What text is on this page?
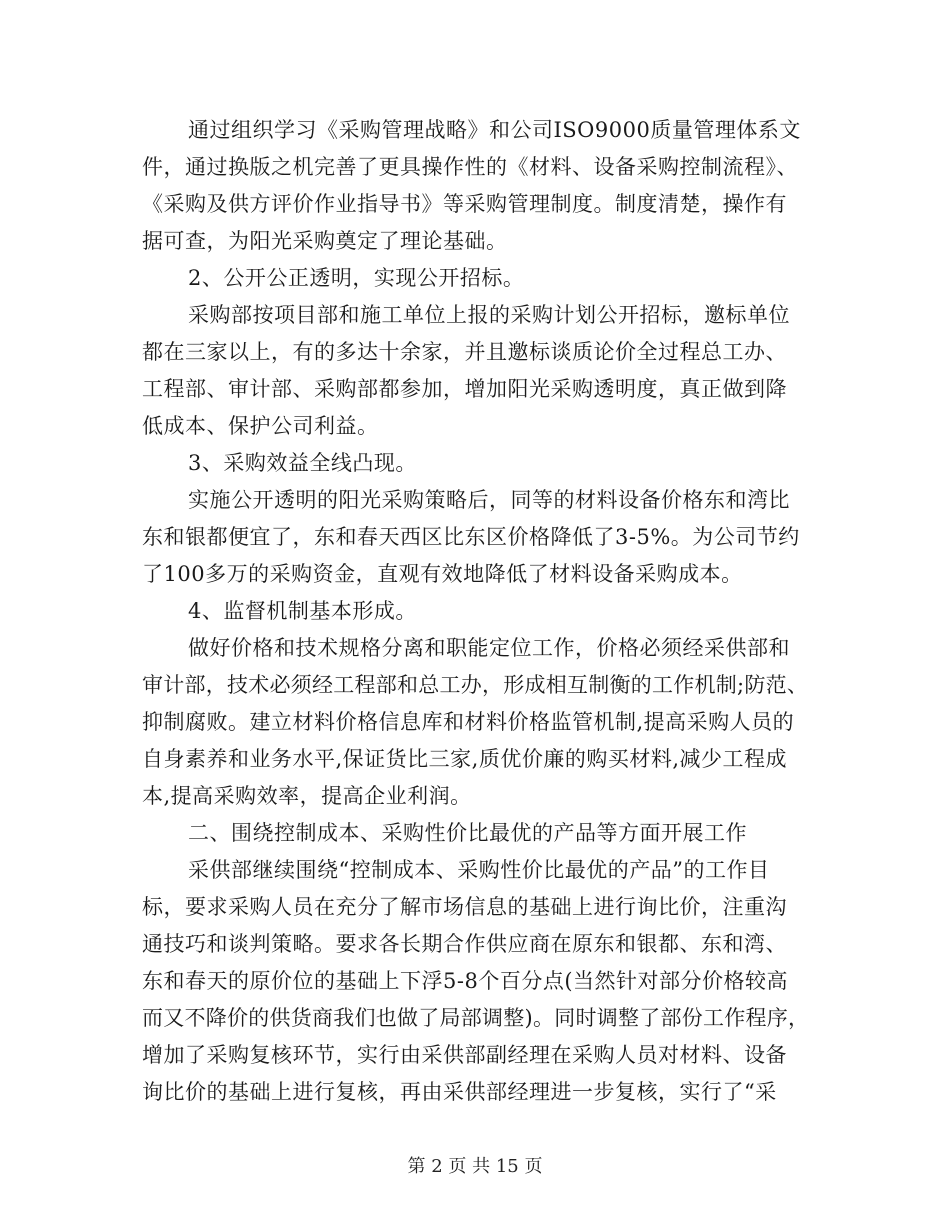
通过组织学习《采购管理战略》和公司ISO9000质量管理体系文
件，通过换版之机完善了更具操作性的《材料、设备采购控制流程》、
《采购及供方评价作业指导书》等采购管理制度。制度清楚，操作有
据可查，为阳光采购奠定了理论基础。
2、公开公正透明，实现公开招标。
采购部按项目部和施工单位上报的采购计划公开招标，邀标单位
都在三家以上，有的多达十余家，并且邀标谈质论价全过程总工办、
工程部、审计部、采购部都参加，增加阳光采购透明度，真正做到降
低成本、保护公司利益。
3、采购效益全线凸现。
实施公开透明的阳光采购策略后，同等的材料设备价格东和湾比
东和银都便宜了，东和春天西区比东区价格降低了3-5%。为公司节约
了100多万的采购资金，直观有效地降低了材料设备采购成本。
4、监督机制基本形成。
做好价格和技术规格分离和职能定位工作，价格必须经采供部和
审计部，技术必须经工程部和总工办，形成相互制衡的工作机制;防范、
抑制腐败。建立材料价格信息库和材料价格监管机制,提高采购人员的
自身素养和业务水平,保证货比三家,质优价廉的购买材料,减少工程成
本,提高采购效率，提高企业利润。
二、围绕控制成本、采购性价比最优的产品等方面开展工作
采供部继续围绕“控制成本、采购性价比最优的产品”的工作目
标，要求采购人员在充分了解市场信息的基础上进行询比价，注重沟
通技巧和谈判策略。要求各长期合作供应商在原东和银都、东和湾、
东和春天的原价位的基础上下浮5-8个百分点(当然针对部分价格较高
而又不降价的供货商我们也做了局部调整)。同时调整了部份工作程序，
增加了采购复核环节，实行由采供部副经理在采购人员对材料、设备
询比价的基础上进行复核，再由采供部经理进一步复核，实行了“采
第 2 页 共 15 页
